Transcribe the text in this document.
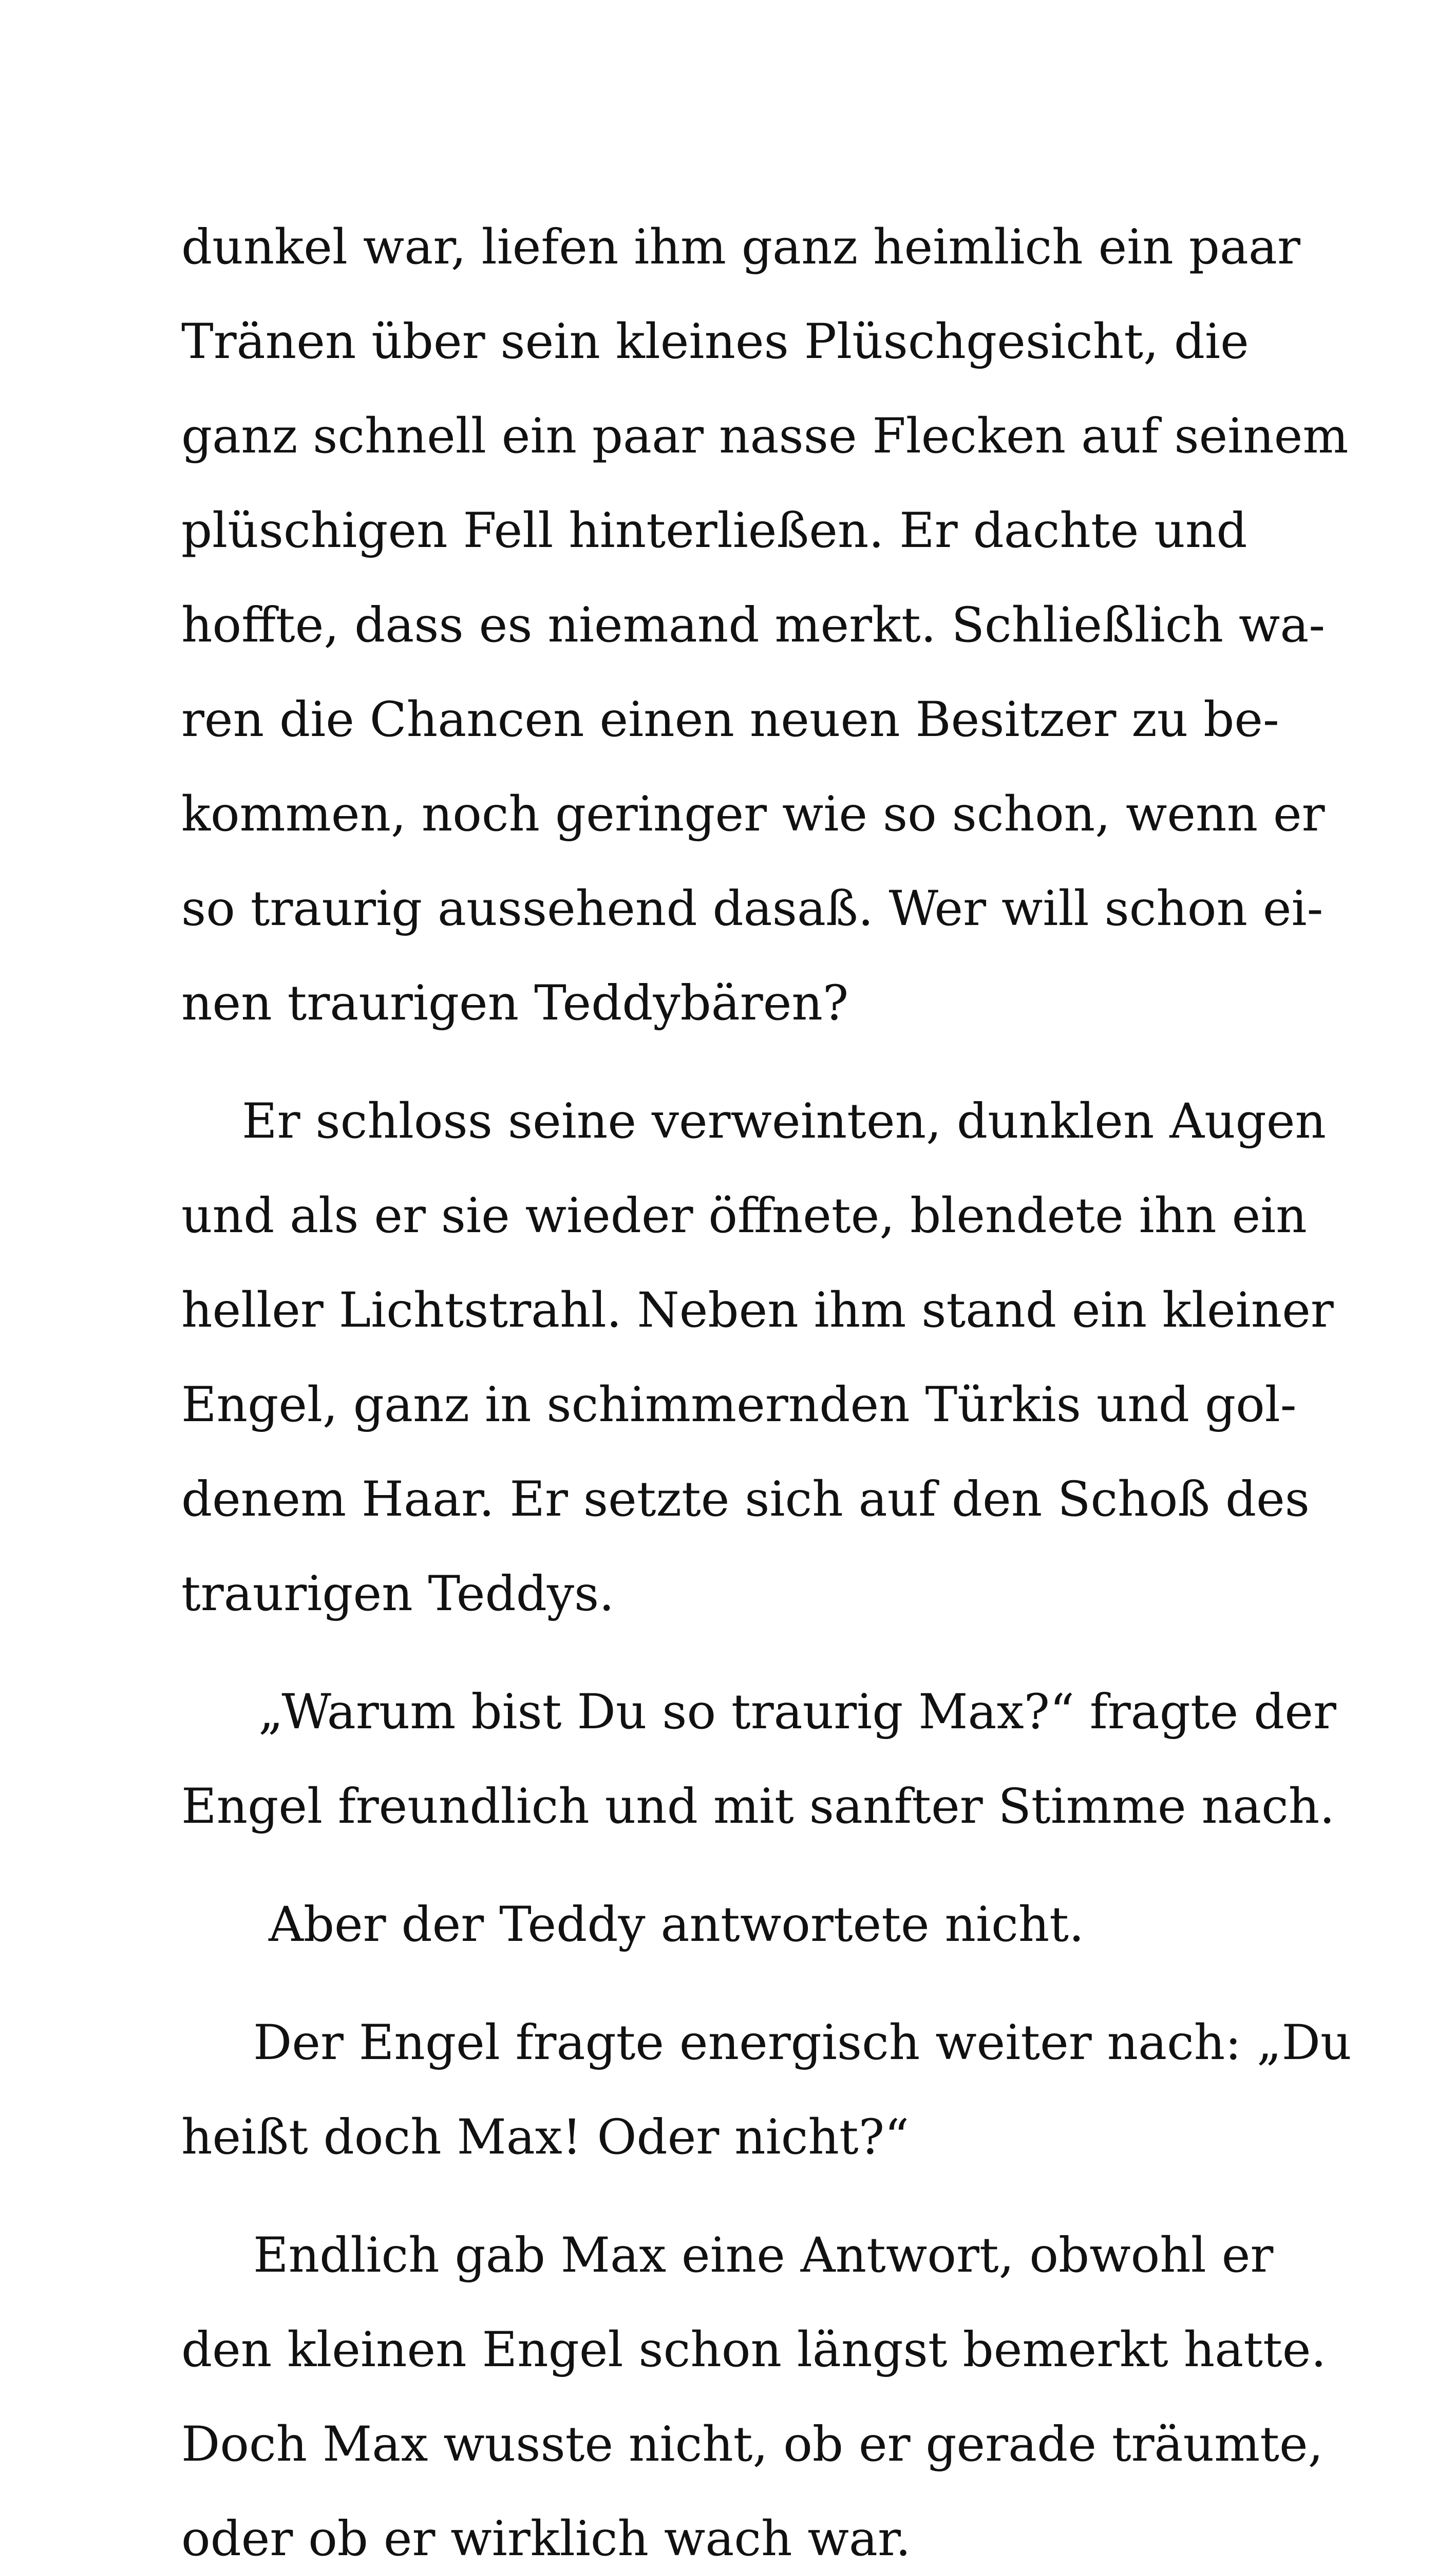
dunkel war, liefen ihm ganz heimlich ein paar
Tränen über sein kleines Plüschgesicht, die
ganz schnell ein paar nasse Flecken auf seinem
plüschigen Fell hinterließen. Er dachte und
hoffte, dass es niemand merkt. Schließlich wa-
ren die Chancen einen neuen Besitzer zu be-
kommen, noch geringer wie so schon, wenn er
so traurig aussehend dasaß. Wer will schon ei-
nen traurigen Teddybären?
Er schloss seine verweinten, dunklen Augen
und als er sie wieder öffnete, blendete ihn ein
heller Lichtstrahl. Neben ihm stand ein kleiner
Engel, ganz in schimmernden Türkis und gol-
denem Haar. Er setzte sich auf den Schoß des
traurigen Teddys.
„Warum bist Du so traurig Max?“ fragte der
Engel freundlich und mit sanfter Stimme nach.
Aber der Teddy antwortete nicht.
Der Engel fragte energisch weiter nach: „Du
heißt doch Max! Oder nicht?“
Endlich gab Max eine Antwort, obwohl er
den kleinen Engel schon längst bemerkt hatte.
Doch Max wusste nicht, ob er gerade träumte,
oder ob er wirklich wach war.
